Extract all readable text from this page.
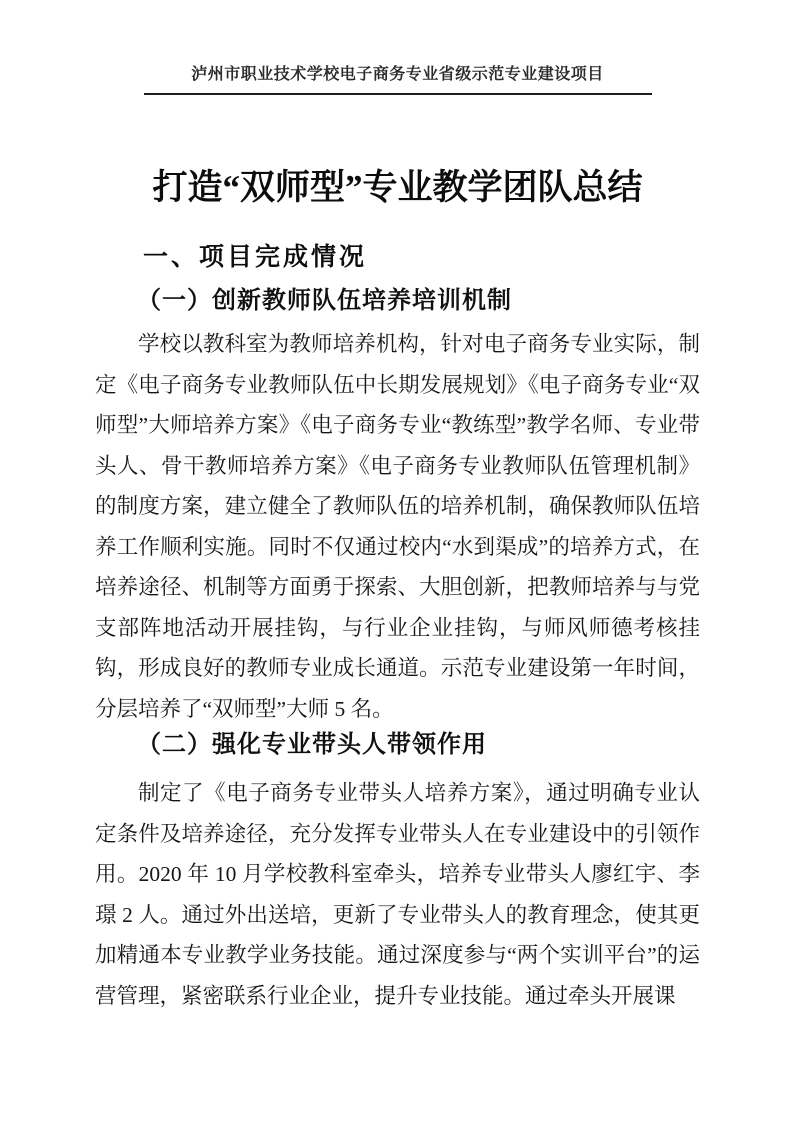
泸州市职业技术学校电子商务专业省级示范专业建设项目
打造“双师型”专业教学团队总结
一、项目完成情况
（一）创新教师队伍培养培训机制

学校以教科室为教师培养机构，针对电子商务专业实际，制定《电子商务专业教师队伍中长期发展规划》《电子商务专业“双师型”大师培养方案》《电子商务专业“教练型”教学名师、专业带头人、骨干教师培养方案》《电子商务专业教师队伍管理机制》的制度方案，建立健全了教师队伍的培养机制，确保教师队伍培养工作顺利实施。同时不仅通过校内“水到渠成”的培养方式，在培养途径、机制等方面勇于探索、大胆创新，把教师培养与与党支部阵地活动开展挂钩，与行业企业挂钩，与师风师德考核挂钩，形成良好的教师专业成长通道。示范专业建设第一年时间，分层培养了“双师型”大师 5 名。

（二）强化专业带头人带领作用

制定了《电子商务专业带头人培养方案》，通过明确专业认定条件及培养途径，充分发挥专业带头人在专业建设中的引领作用。2020 年 10 月学校教科室牵头，培养专业带头人廖红宇、李璟 2 人。通过外出送培，更新了专业带头人的教育理念，使其更加精通本专业教学业务技能。通过深度参与“两个实训平台”的运营管理，紧密联系行业企业，提升专业技能。通过牵头开展课
